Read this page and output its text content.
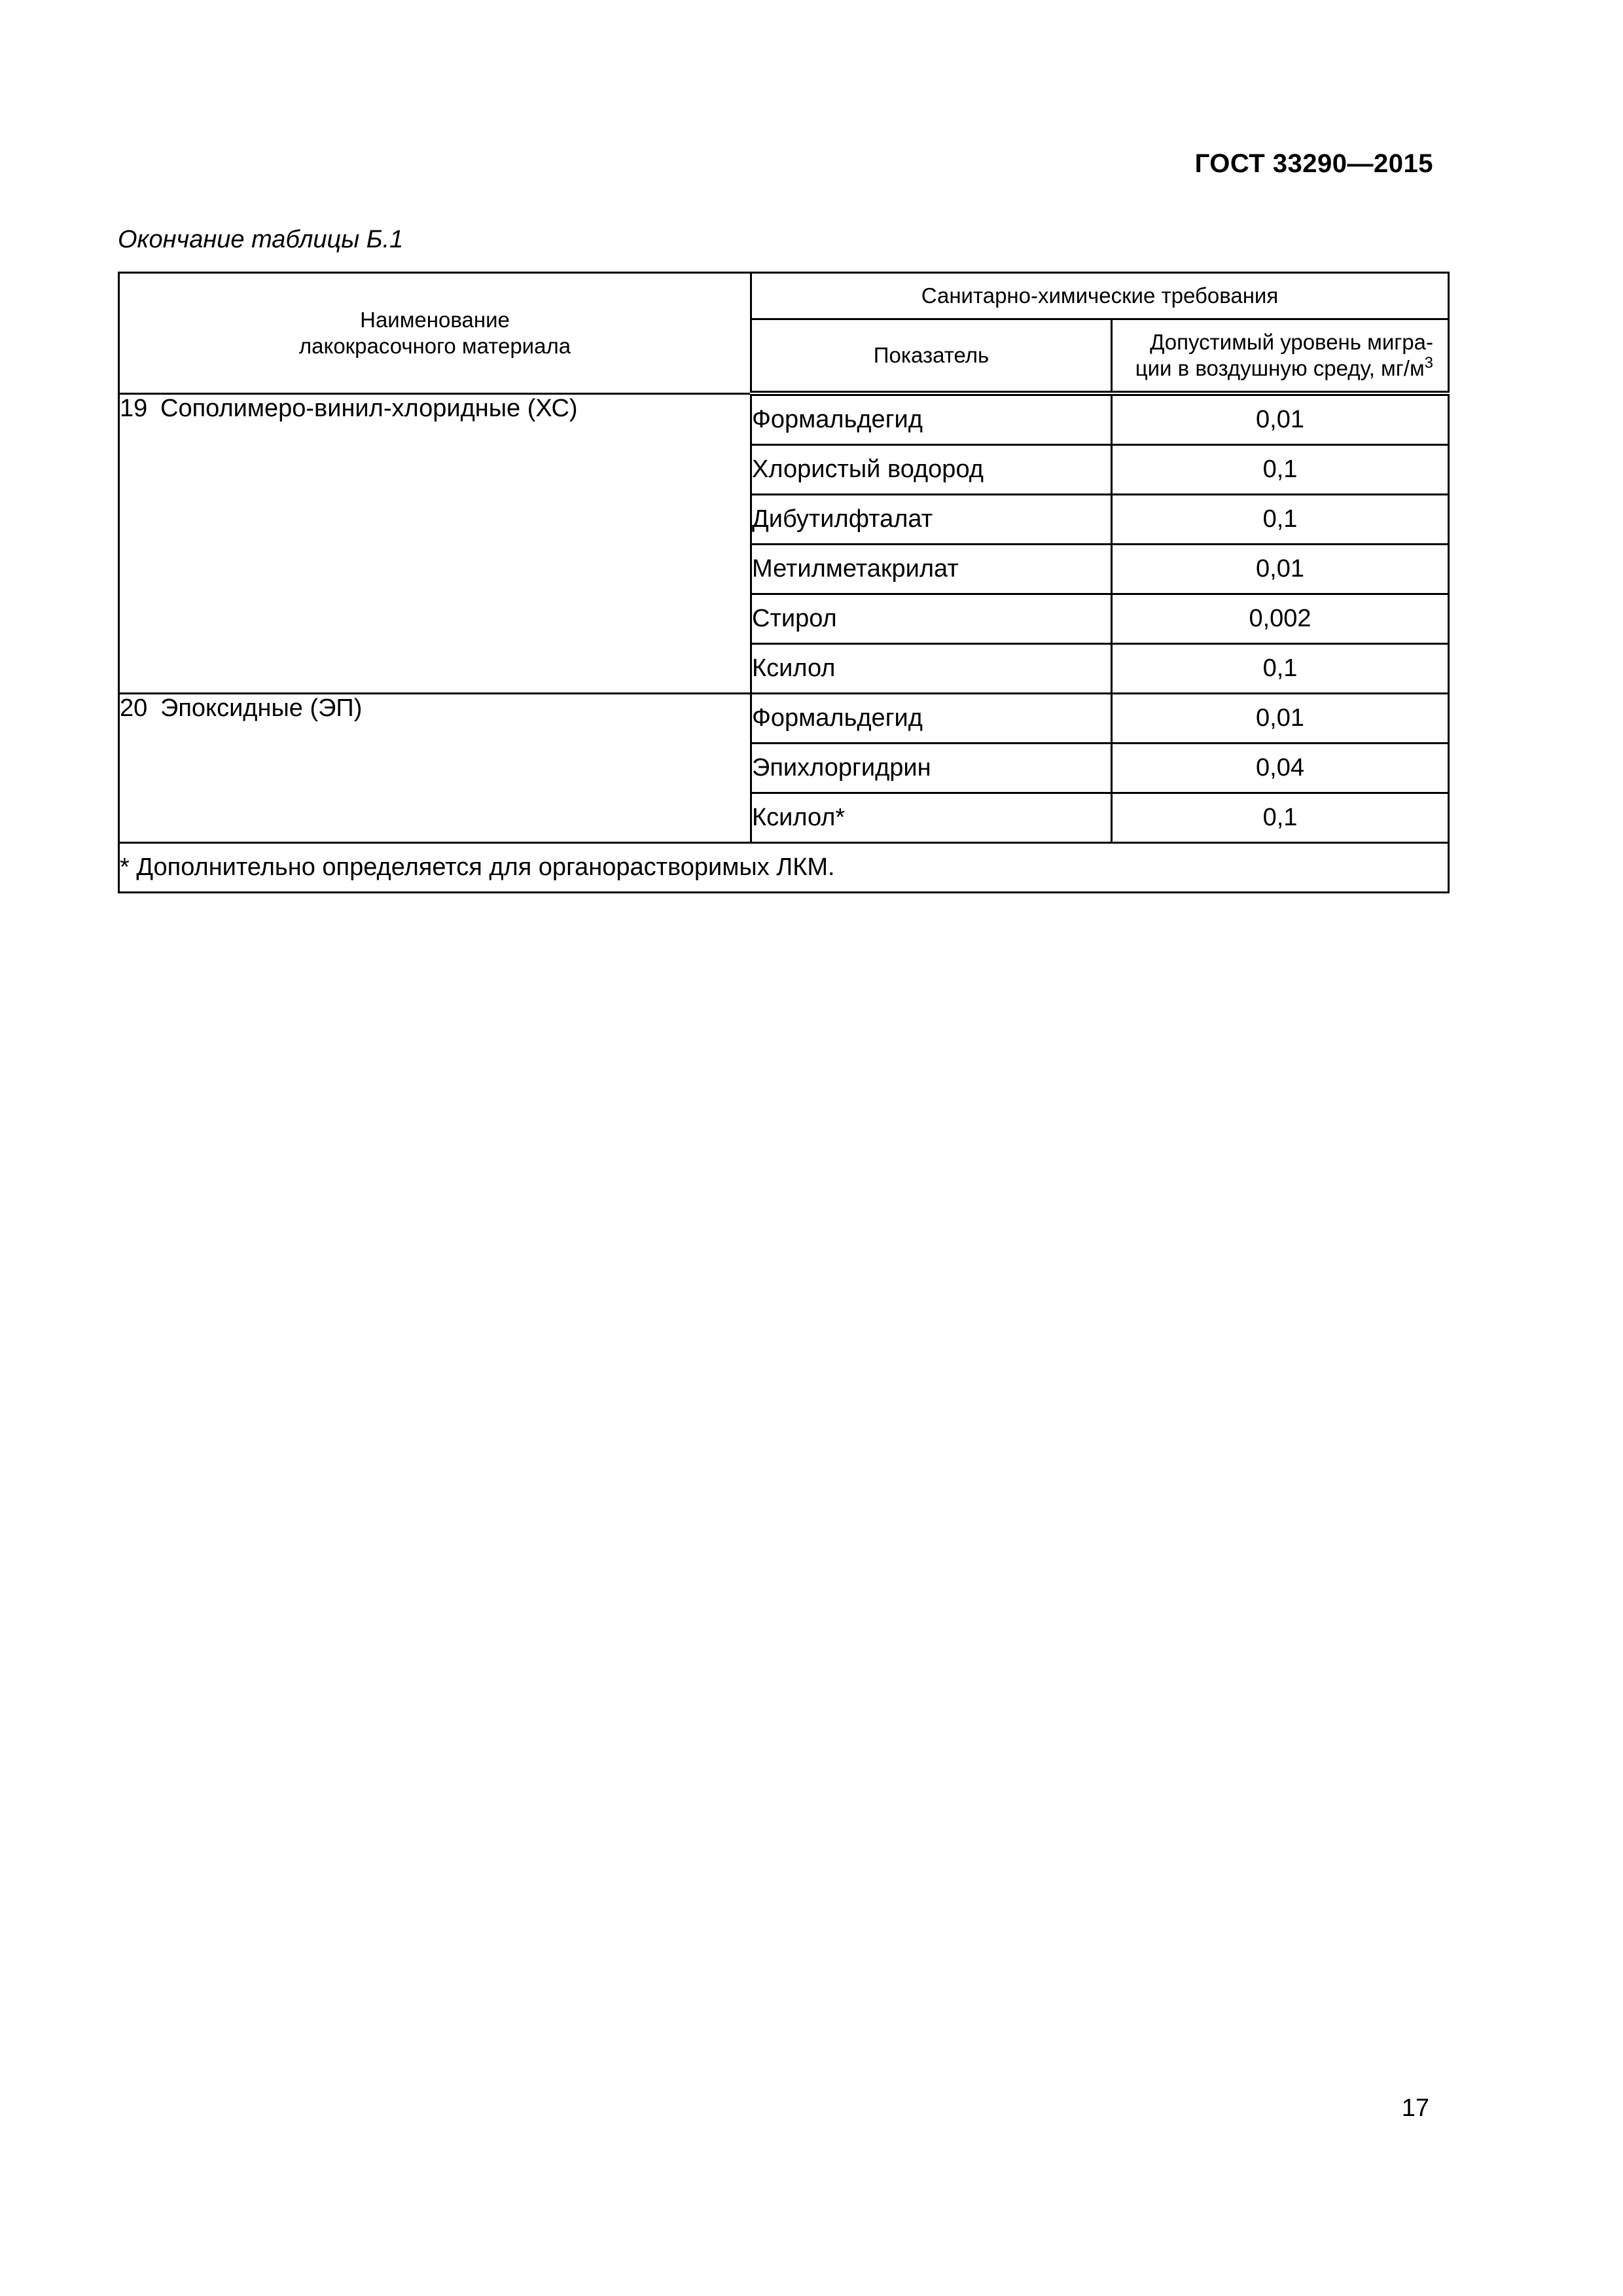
ГОСТ 33290—2015
Окончание таблицы Б.1
Наименование
лакокрасочного материала	Санитарно-химические требования	
	Показатель	Допустимый уровень мигра-
ции в воздушную среду, $мг/м^3$
19 Сополимеро-винил-хлоридные (ХС)	Формальдегид	0,01
	Хлористый водород	0,1
	Дибутилфталат	0,1
	Метилметакрилат	0,01
	Стирол	0,002
	Ксилол	0,1
20 Эпоксидные (ЭП)	Формальдегид	0,01
	Эпихлоргидрин	0,04
	Ксилол*	0,1
* Дополнительно определяется для органорастворимых ЛКМ.		
17
